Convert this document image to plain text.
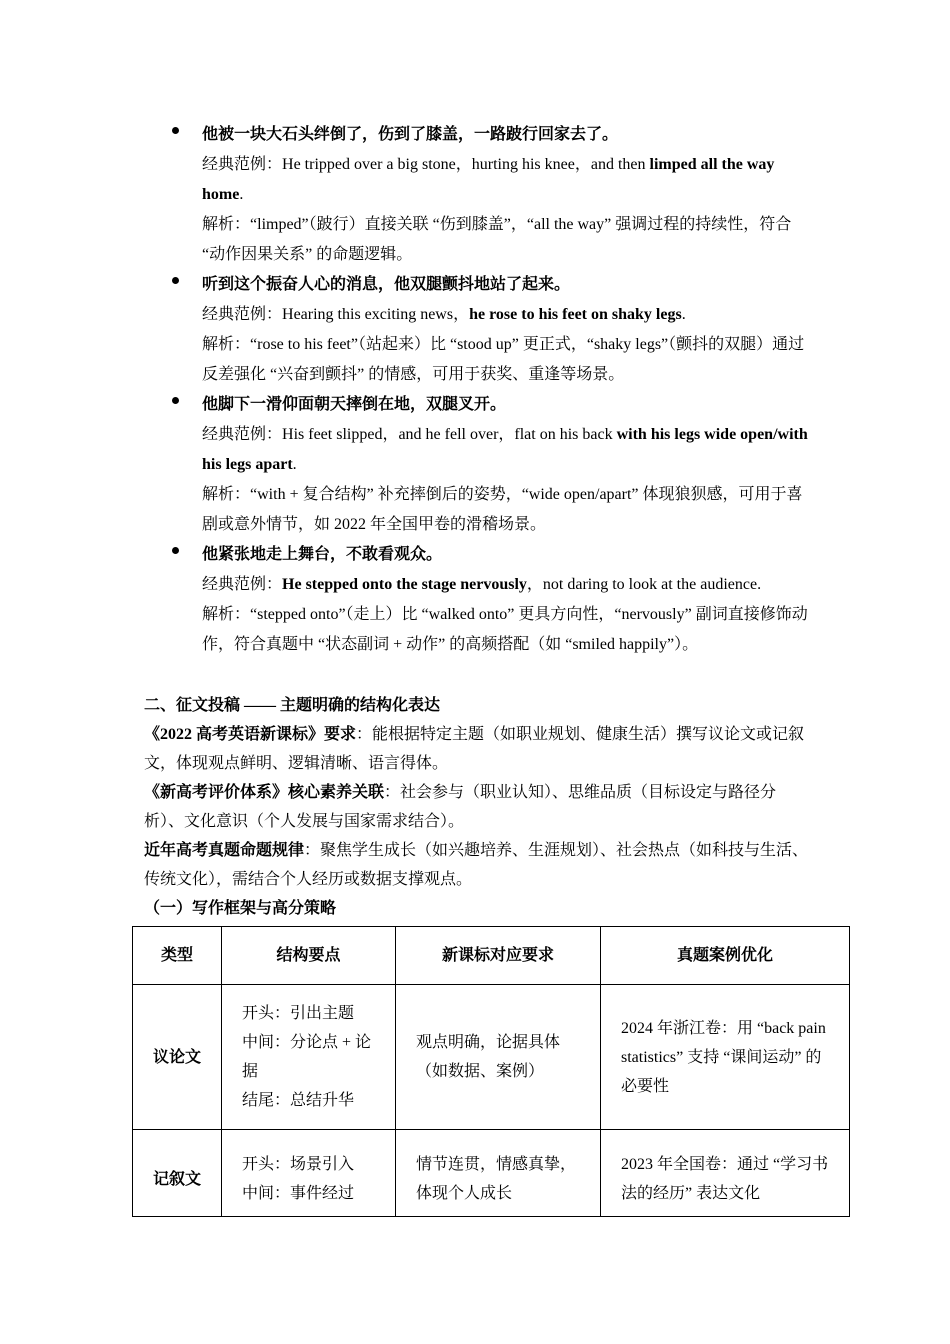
他被一块大石头绊倒了，伤到了膝盖，一路跛行回家去了。
经典范例：He tripped over a big stone，hurting his knee，and then limped all the way home.
解析：“limped”（跛行）直接关联 “伤到膝盖”，“all the way” 强调过程的持续性，符合 “动作因果关系” 的命题逻辑。
听到这个振奋人心的消息，他双腿颤抖地站了起来。
经典范例：Hearing this exciting news，he rose to his feet on shaky legs.
解析：“rose to his feet”（站起来）比 “stood up” 更正式，“shaky legs”（颤抖的双腿）通过反差强化 “兴奋到颤抖” 的情感，可用于获奖、重逢等场景。
他脚下一滑仰面朝天摔倒在地，双腿叉开。
经典范例：His feet slipped，and he fell over，flat on his back with his legs wide open/with his legs apart.
解析：“with + 复合结构” 补充摔倒后的姿势，“wide open/apart” 体现狼狈感，可用于喜剧或意外情节，如 2022 年全国甲卷的滑稽场景。
他紧张地走上舞台，不敢看观众。
经典范例：He stepped onto the stage nervously，not daring to look at the audience.
解析：“stepped onto”（走上）比 “walked onto” 更具方向性，“nervously” 副词直接修饰动作，符合真题中 “状态副词 + 动作” 的高频搭配（如 “smiled happily”）。
二、征文投稿 —— 主题明确的结构化表达
《2022 高考英语新课标》要求：能根据特定主题（如职业规划、健康生活）撰写议论文或记叙文，体现观点鲜明、逻辑清晰、语言得体。
《新高考评价体系》核心素养关联：社会参与（职业认知）、思维品质（目标设定与路径分析）、文化意识（个人发展与国家需求结合）。
近年高考真题命题规律：聚焦学生成长（如兴趣培养、生涯规划）、社会热点（如科技与生活、传统文化），需结合个人经历或数据支撑观点。
（一）写作框架与高分策略
类型	结构要点	新课标对应要求	真题案例优化

议论文	开头：引出主题
中间：分论点 + 论据
结尾：总结升华	观点明确，论据具体（如数据、案例）	2024 年浙江卷：用 “back pain statistics” 支持 “课间运动” 的必要性

记叙文	开头：场景引入
中间：事件经过	情节连贯，情感真挚，体现个人成长	2023 年全国卷：通过 “学习书法的经历” 表达文化
